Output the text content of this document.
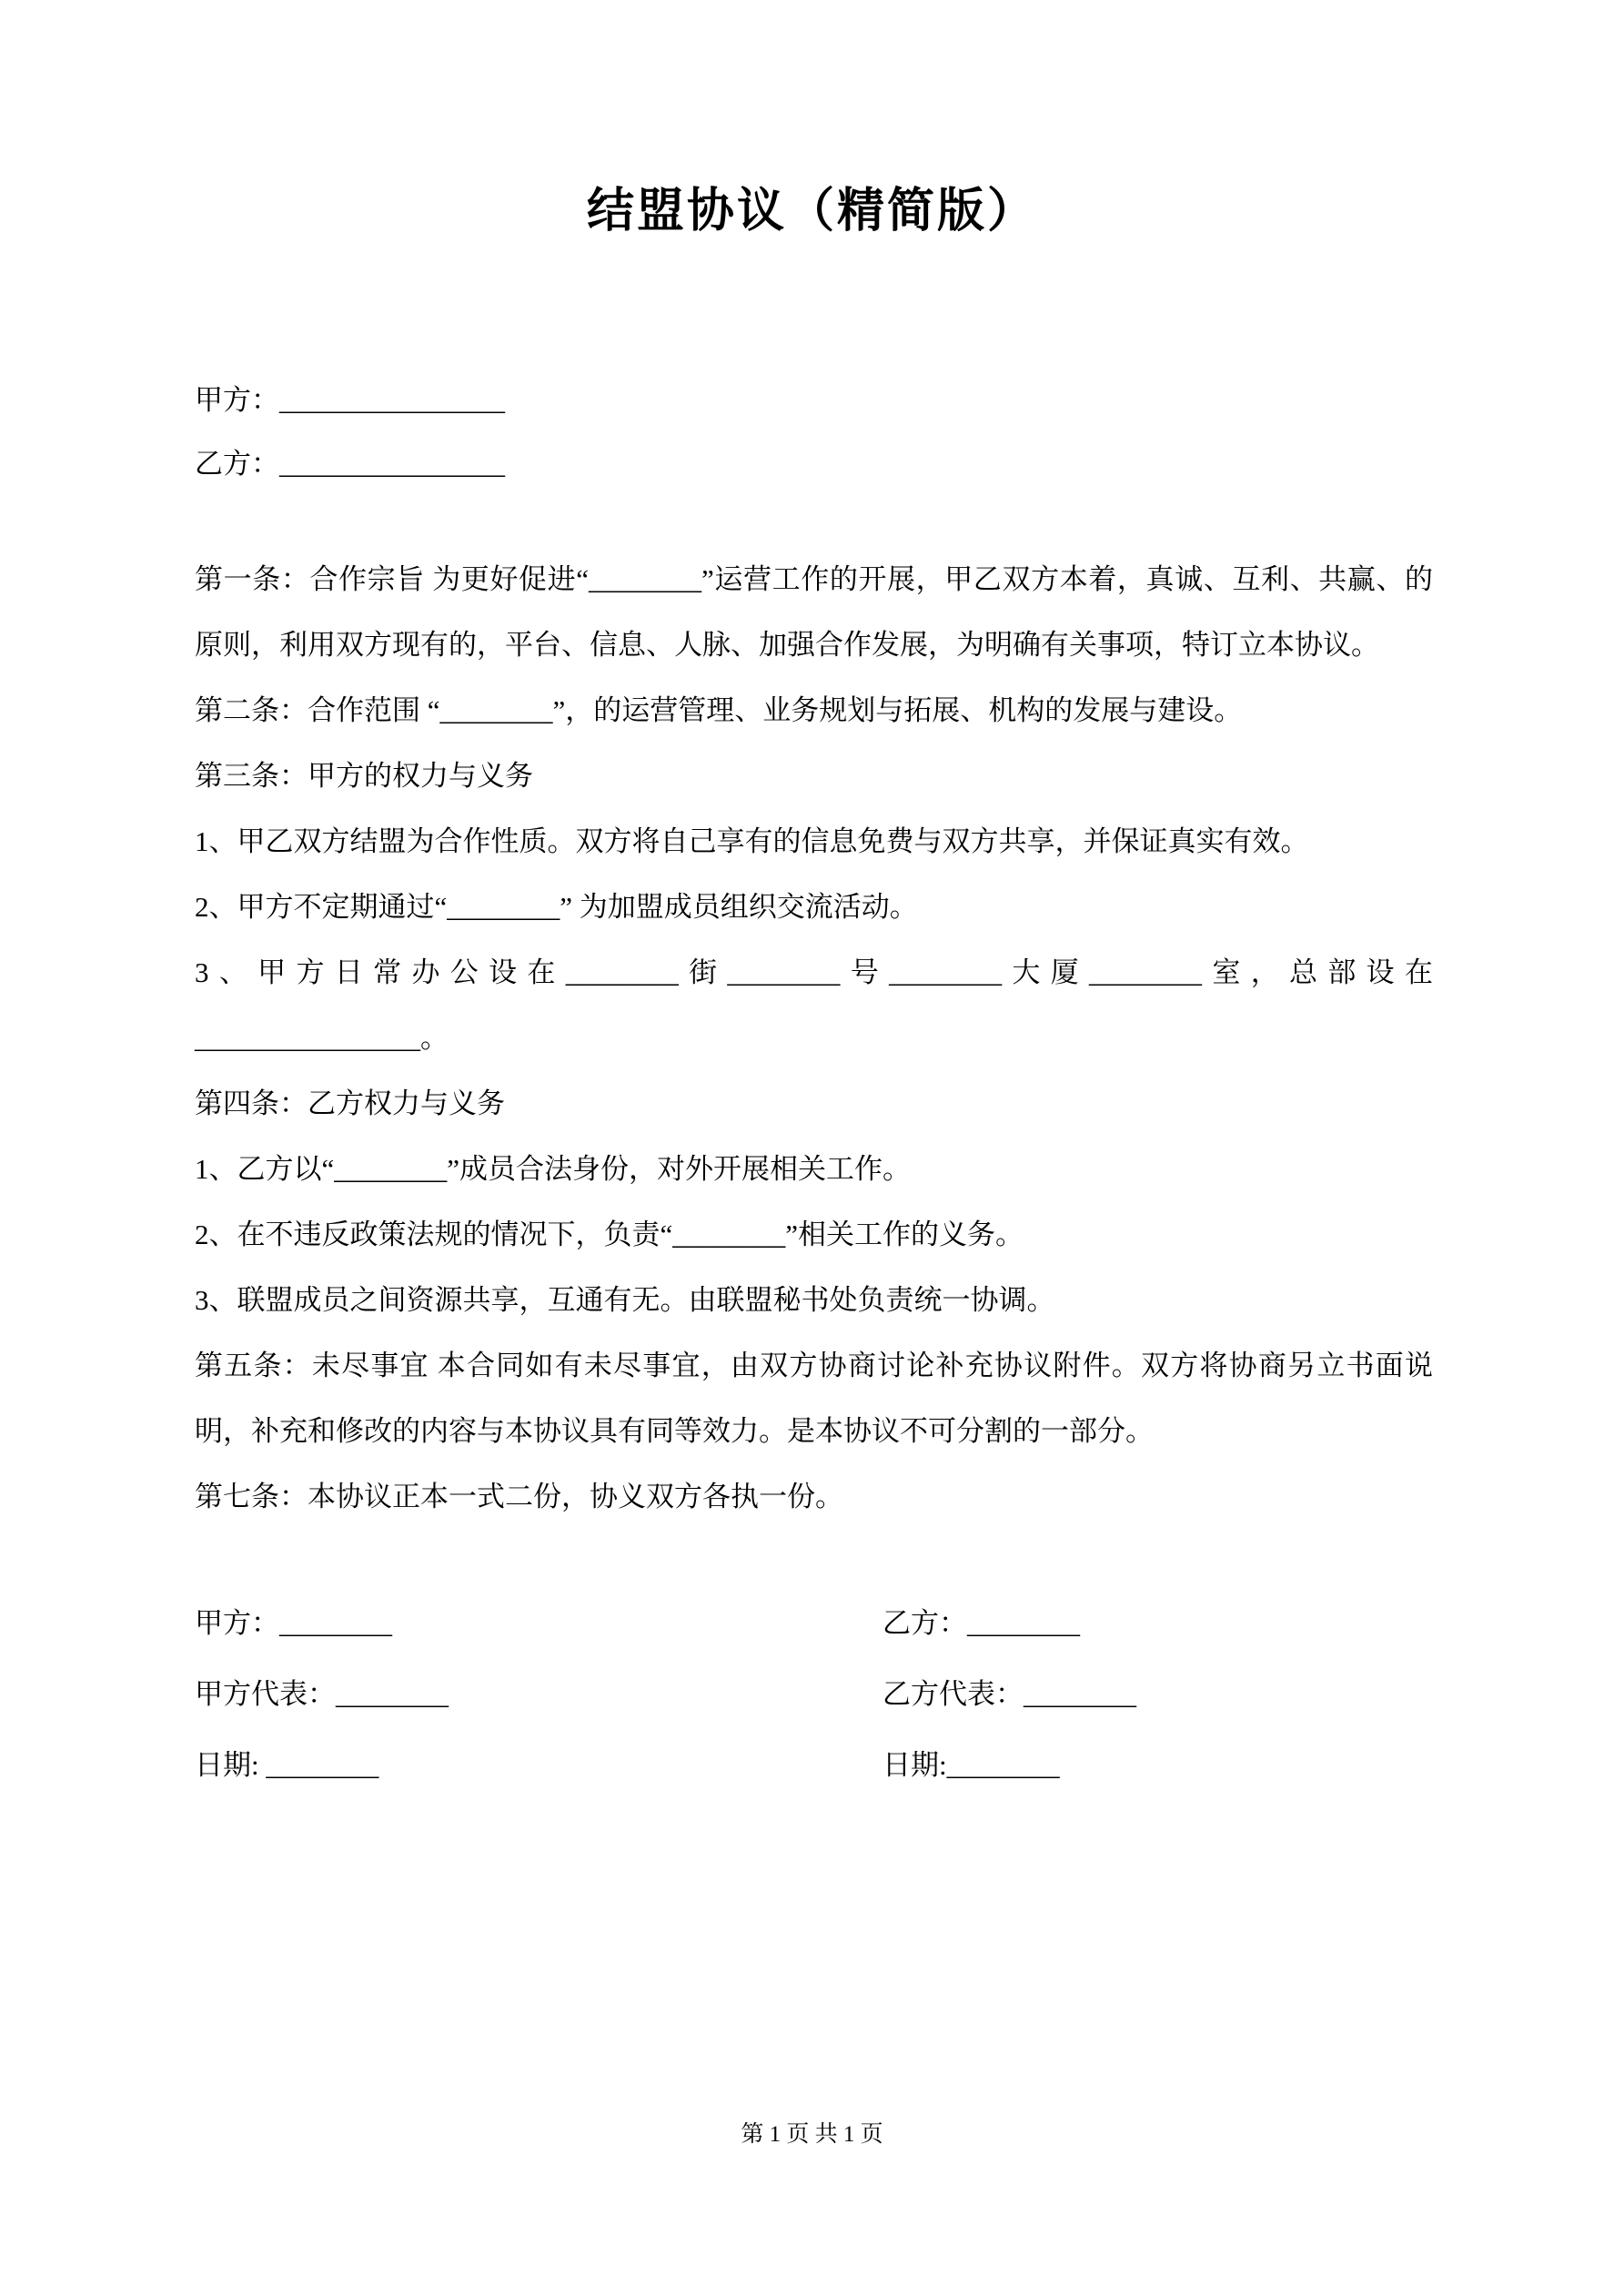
结盟协议（精简版）

甲方：________________

乙方：________________

第一条：合作宗旨 为更好促进“________”运营工作的开展，甲乙双方本着，真诚、互利、共赢、的原则，利用双方现有的，平台、信息、人脉、加强合作发展，为明确有关事项，特订立本协议。

第二条：合作范围 “________”，的运营管理、业务规划与拓展、机构的发展与建设。

第三条：甲方的权力与义务

1、甲乙双方结盟为合作性质。双方将自己享有的信息免费与双方共享，并保证真实有效。

2、甲方不定期通过“________” 为加盟成员组织交流活动。

3、甲方日常办公设在________街________号________大厦________室，总部设在________________。

第四条：乙方权力与义务

1、乙方以“________”成员合法身份，对外开展相关工作。

2、在不违反政策法规的情况下，负责“________”相关工作的义务。

3、联盟成员之间资源共享，互通有无。由联盟秘书处负责统一协调。

第五条：未尽事宜 本合同如有未尽事宜，由双方协商讨论补充协议附件。双方将协商另立书面说明，补充和修改的内容与本协议具有同等效力。是本协议不可分割的一部分。

第七条：本协议正本一式二份，协义双方各执一份。

甲方：________

甲方代表：________

日期: ________

乙方：________

乙方代表：________

日期:________

第 1 页 共 1 页
